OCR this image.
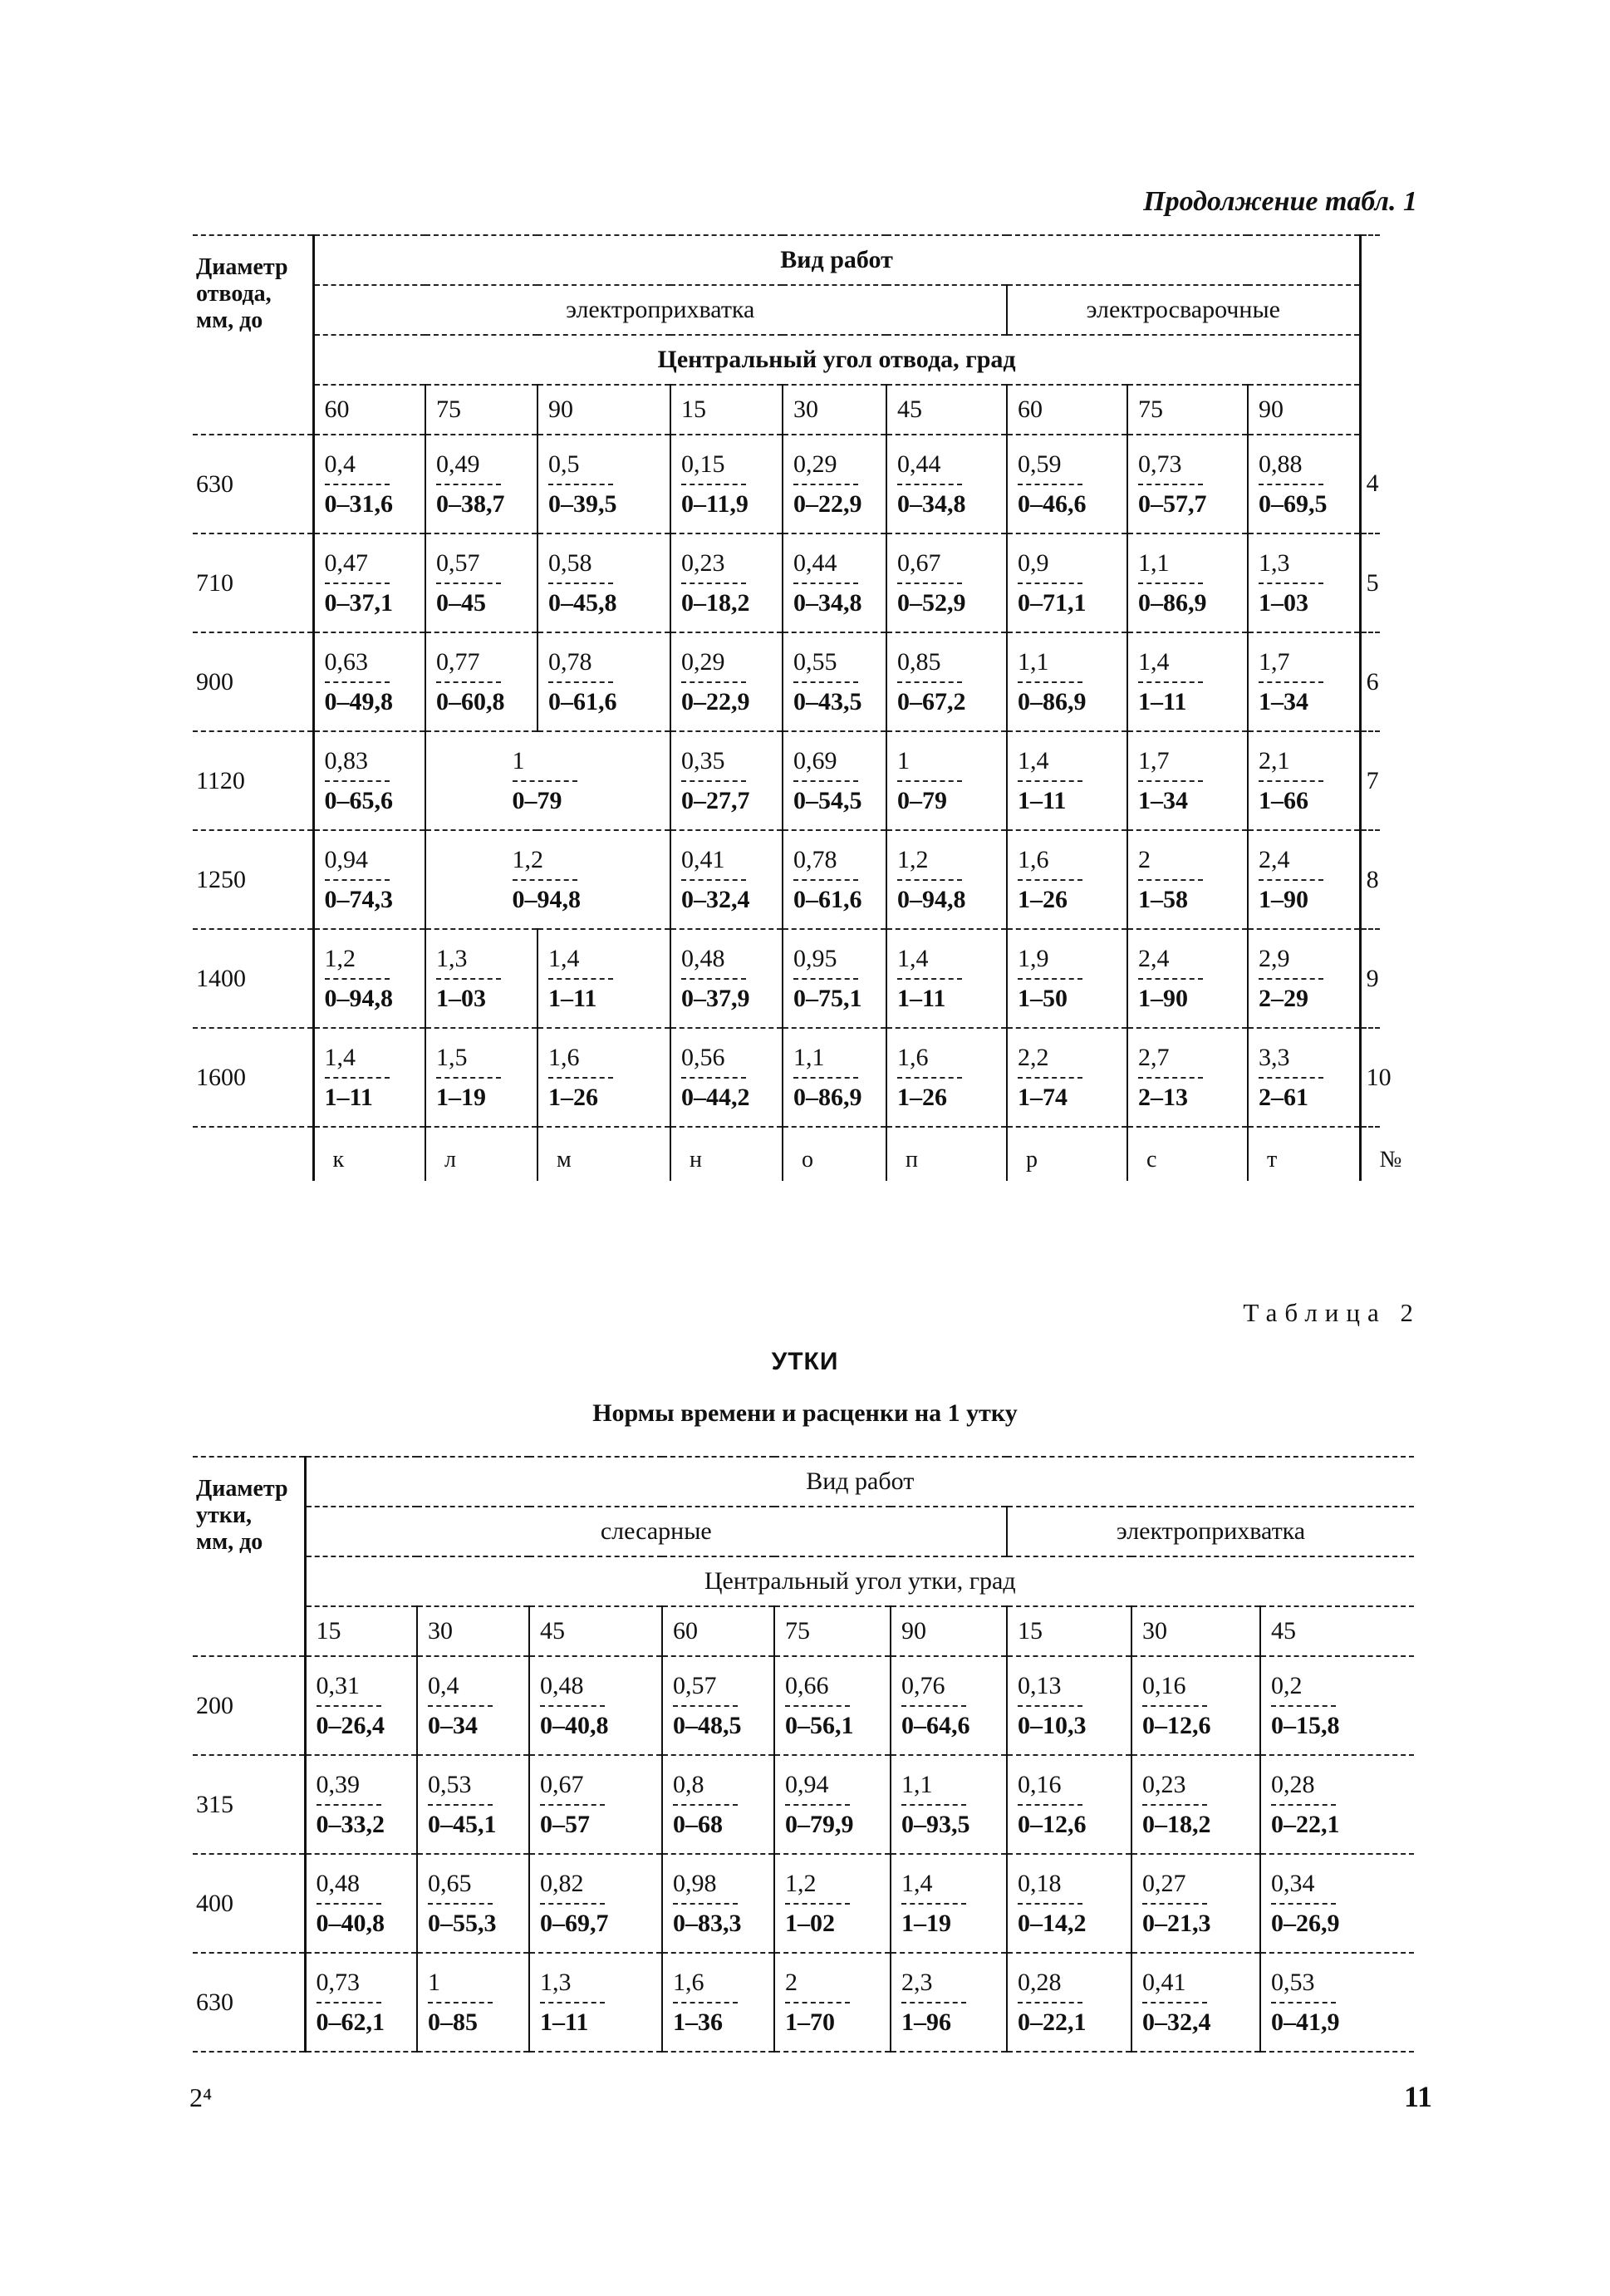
Продолжение табл. 1
Диаметр
отвода,
мм, до	Вид работ									
	электроприхватка						электросварочные			
	Центральный угол отвода, град									
	60	75	90	15	30	45	60	75	90	
630	$\frac{0,4}{0-31,6}$	$\frac{0,49}{0-38,7}$	$\frac{0,5}{0-39,5}$	$\frac{0,15}{0-11,9}$	$\frac{0,29}{0-22,9}$	$\frac{0,44}{0-34,8}$	$\frac{0,59}{0-46,6}$	$\frac{0,73}{0-57,7}$	$\frac{0,88}{0-69,5}$	4
710	$\frac{0,47}{0-37,1}$	$\frac{0,57}{0-45}$	$\frac{0,58}{0-45,8}$	$\frac{0,23}{0-18,2}$	$\frac{0,44}{0-34,8}$	$\frac{0,67}{0-52,9}$	$\frac{0,9}{0-71,1}$	$\frac{1,1}{0-86,9}$	$\frac{1,3}{1-03}$	5
900	$\frac{0,63}{0-49,8}$	$\frac{0,77}{0-60,8}$	$\frac{0,78}{0-61,6}$	$\frac{0,29}{0-22,9}$	$\frac{0,55}{0-43,5}$	$\frac{0,85}{0-67,2}$	$\frac{1,1}{0-86,9}$	$\frac{1,4}{1-11}$	$\frac{1,7}{1-34}$	6
1120	$\frac{0,83}{0-65,6}$	$\frac{1}{0-79}$		$\frac{0,35}{0-27,7}$	$\frac{0,69}{0-54,5}$	$\frac{1}{0-79}$	$\frac{1,4}{1-11}$	$\frac{1,7}{1-34}$	$\frac{2,1}{1-66}$	7
1250	$\frac{0,94}{0-74,3}$	$\frac{1,2}{0-94,8}$		$\frac{0,41}{0-32,4}$	$\frac{0,78}{0-61,6}$	$\frac{1,2}{0-94,8}$	$\frac{1,6}{1-26}$	$\frac{2}{1-58}$	$\frac{2,4}{1-90}$	8
1400	$\frac{1,2}{0-94,8}$	$\frac{1,3}{1-03}$	$\frac{1,4}{1-11}$	$\frac{0,48}{0-37,9}$	$\frac{0,95}{0-75,1}$	$\frac{1,4}{1-11}$	$\frac{1,9}{1-50}$	$\frac{2,4}{1-90}$	$\frac{2,9}{2-29}$	9
1600	$\frac{1,4}{1-11}$	$\frac{1,5}{1-19}$	$\frac{1,6}{1-26}$	$\frac{0,56}{0-44,2}$	$\frac{1,1}{0-86,9}$	$\frac{1,6}{1-26}$	$\frac{2,2}{1-74}$	$\frac{2,7}{2-13}$	$\frac{3,3}{2-61}$	10
	к	л	м	н	о	п	р	с	т	№
Таблица 2
УТКИ
Нормы времени и расценки на 1 утку
Диаметр
утки,
мм, до	Вид работ								
	слесарные						электроприхватка		
	Центральный угол утки, град								
	15	30	45	60	75	90	15	30	45
200	$\frac{0,31}{0-26,4}$	$\frac{0,4}{0-34}$	$\frac{0,48}{0-40,8}$	$\frac{0,57}{0-48,5}$	$\frac{0,66}{0-56,1}$	$\frac{0,76}{0-64,6}$	$\frac{0,13}{0-10,3}$	$\frac{0,16}{0-12,6}$	$\frac{0,2}{0-15,8}$

315	$\frac{0,39}{0-33,2}$	$\frac{0,53}{0-45,1}$	$\frac{0,67}{0-57}$	$\frac{0,8}{0-68}$	$\frac{0,94}{0-79,9}$	$\frac{1,1}{0-93,5}$	$\frac{0,16}{0-12,6}$	$\frac{0,23}{0-18,2}$	$\frac{0,28}{0-22,1}$

400	$\frac{0,48}{0-40,8}$	$\frac{0,65}{0-55,3}$	$\frac{0,82}{0-69,7}$	$\frac{0,98}{0-83,3}$	$\frac{1,2}{1-02}$	$\frac{1,4}{1-19}$	$\frac{0,18}{0-14,2}$	$\frac{0,27}{0-21,3}$	$\frac{0,34}{0-26,9}$

630	$\frac{0,73}{0-62,1}$	$\frac{1}{0-85}$	$\frac{1,3}{1-11}$	$\frac{1,6}{1-36}$	$\frac{2}{1-70}$	$\frac{2,3}{1-96}$	$\frac{0,28}{0-22,1}$	$\frac{0,41}{0-32,4}$	$\frac{0,53}{0-41,9}$
2⁴	11
